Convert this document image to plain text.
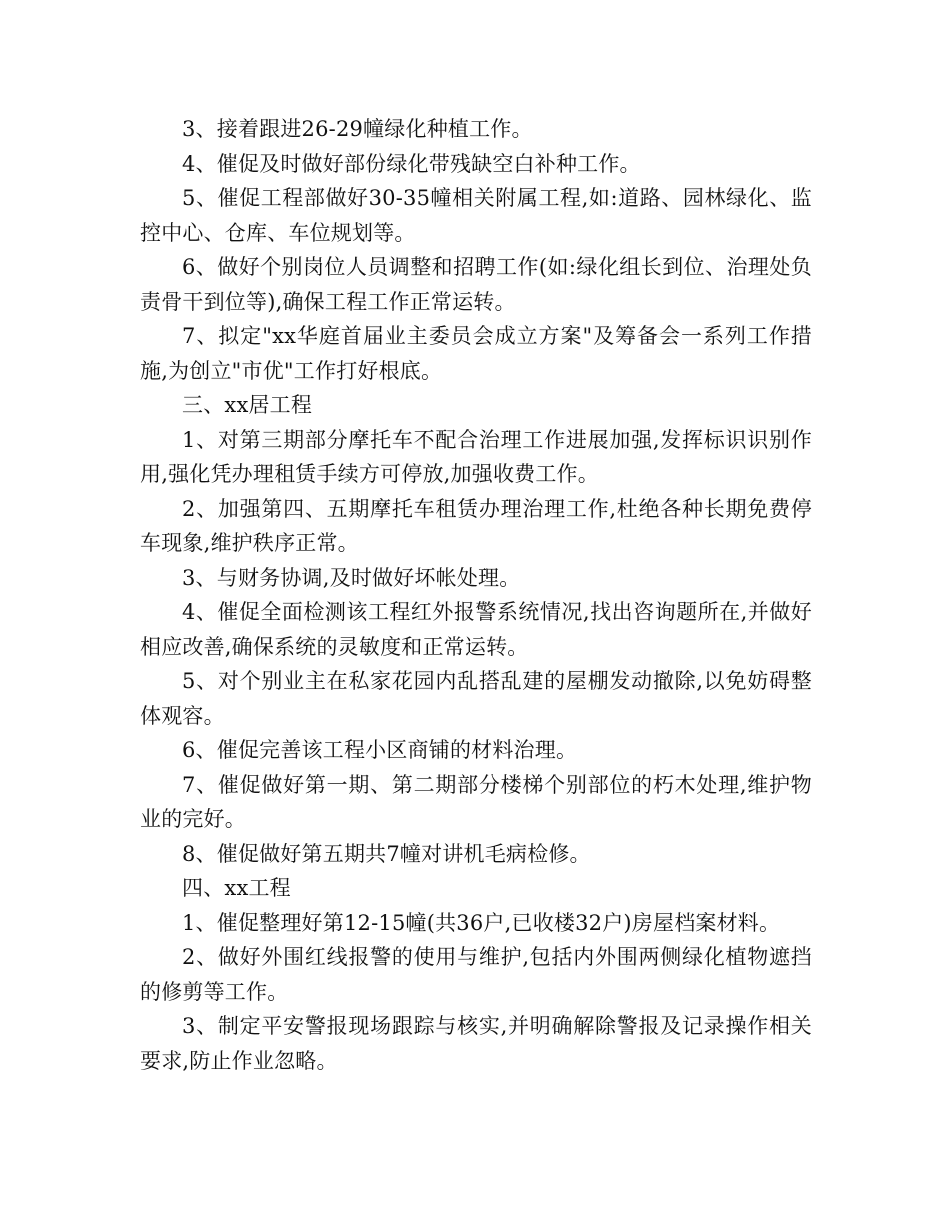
3、接着跟进26-29幢绿化种植工作。

4、催促及时做好部份绿化带残缺空白补种工作。

5、催促工程部做好30-35幢相关附属工程,如:道路、园林绿化、监控中心、仓库、车位规划等。

6、做好个别岗位人员调整和招聘工作(如:绿化组长到位、治理处负责骨干到位等),确保工程工作正常运转。

7、拟定"xx华庭首届业主委员会成立方案"及筹备会一系列工作措施,为创立"市优"工作打好根底。

三、xx居工程

1、对第三期部分摩托车不配合治理工作进展加强,发挥标识识别作用,强化凭办理租赁手续方可停放,加强收费工作。

2、加强第四、五期摩托车租赁办理治理工作,杜绝各种长期免费停车现象,维护秩序正常。

3、与财务协调,及时做好坏帐处理。

4、催促全面检测该工程红外报警系统情况,找出咨询题所在,并做好相应改善,确保系统的灵敏度和正常运转。

5、对个别业主在私家花园内乱搭乱建的屋棚发动撤除,以免妨碍整体观容。

6、催促完善该工程小区商铺的材料治理。

7、催促做好第一期、第二期部分楼梯个别部位的朽木处理,维护物业的完好。

8、催促做好第五期共7幢对讲机毛病检修。

四、xx工程

1、催促整理好第12-15幢(共36户,已收楼32户)房屋档案材料。

2、做好外围红线报警的使用与维护,包括内外围两侧绿化植物遮挡的修剪等工作。

3、制定平安警报现场跟踪与核实,并明确解除警报及记录操作相关要求,防止作业忽略。
